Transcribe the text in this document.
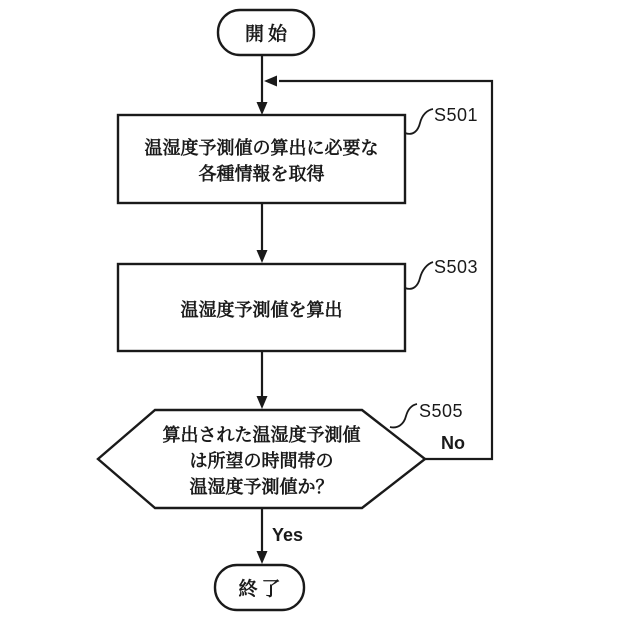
開始
温湿度予測値の算出に必要な
各種情報を取得
温湿度予測値を算出
算出された温湿度予測値
は所望の時間帯の
温湿度予測値か？
終了
S501
S503
S505
No
Yes
